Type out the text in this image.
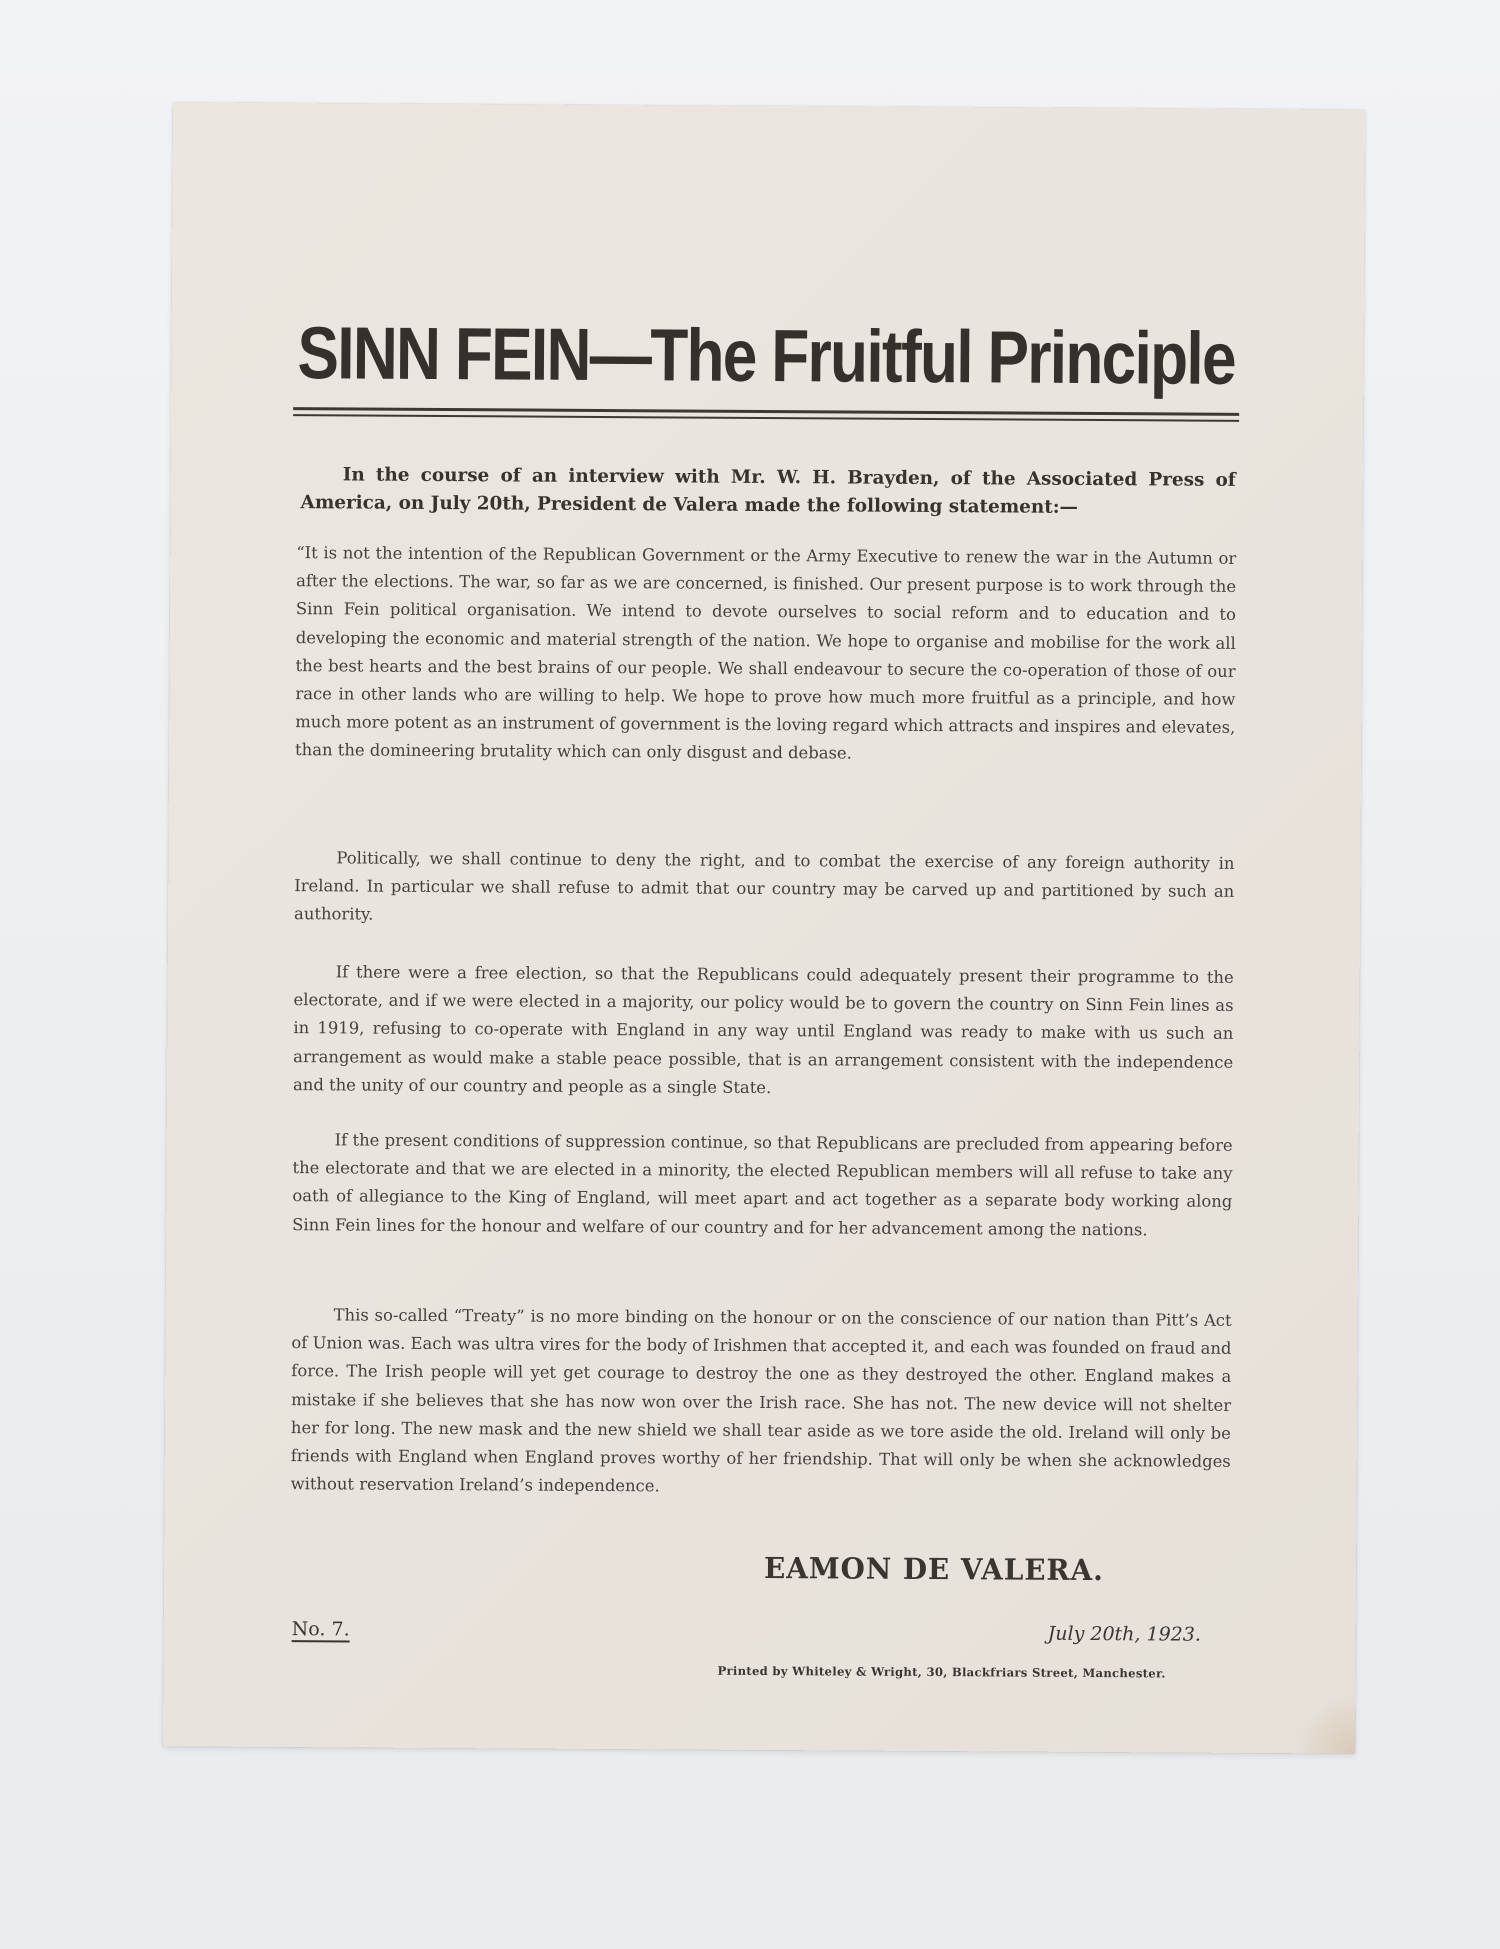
SINN FEIN—The Fruitful Principle

In the course of an interview with Mr. W. H. Brayden, of the Associated Press of America, on July 20th, President de Valera made the following statement:—

“It is not the intention of the Republican Government or the Army Executive to renew the war in the Autumn or after the elections. The war, so far as we are concerned, is finished. Our present purpose is to work through the Sinn Fein political organisation. We intend to devote ourselves to social reform and to education and to developing the economic and material strength of the nation. We hope to organise and mobilise for the work all the best hearts and the best brains of our people. We shall endeavour to secure the co-operation of those of our race in other lands who are willing to help. We hope to prove how much more fruitful as a principle, and how much more potent as an instrument of government is the loving regard which attracts and inspires and elevates, than the domineering brutality which can only disgust and debase.

Politically, we shall continue to deny the right, and to combat the exercise of any foreign authority in Ireland. In particular we shall refuse to admit that our country may be carved up and partitioned by such an authority.

If there were a free election, so that the Republicans could adequately present their programme to the electorate, and if we were elected in a majority, our policy would be to govern the country on Sinn Fein lines as in 1919, refusing to co-operate with England in any way until England was ready to make with us such an arrangement as would make a stable peace possible, that is an arrangement consistent with the independence and the unity of our country and people as a single State.

If the present conditions of suppression continue, so that Republicans are precluded from appearing before the electorate and that we are elected in a minority, the elected Republican members will all refuse to take any oath of allegiance to the King of England, will meet apart and act together as a separate body working along Sinn Fein lines for the honour and welfare of our country and for her advancement among the nations.

This so-called “Treaty” is no more binding on the honour or on the conscience of our nation than Pitt’s Act of Union was. Each was ultra vires for the body of Irishmen that accepted it, and each was founded on fraud and force. The Irish people will yet get courage to destroy the one as they destroyed the other. England makes a mistake if she believes that she has now won over the Irish race. She has not. The new device will not shelter her for long. The new mask and the new shield we shall tear aside as we tore aside the old. Ireland will only be friends with England when England proves worthy of her friendship. That will only be when she acknowledges without reservation Ireland’s independence.

EAMON DE VALERA.

No. 7.	July 20th, 1923.

Printed by Whiteley & Wright, 30, Blackfriars Street, Manchester.
